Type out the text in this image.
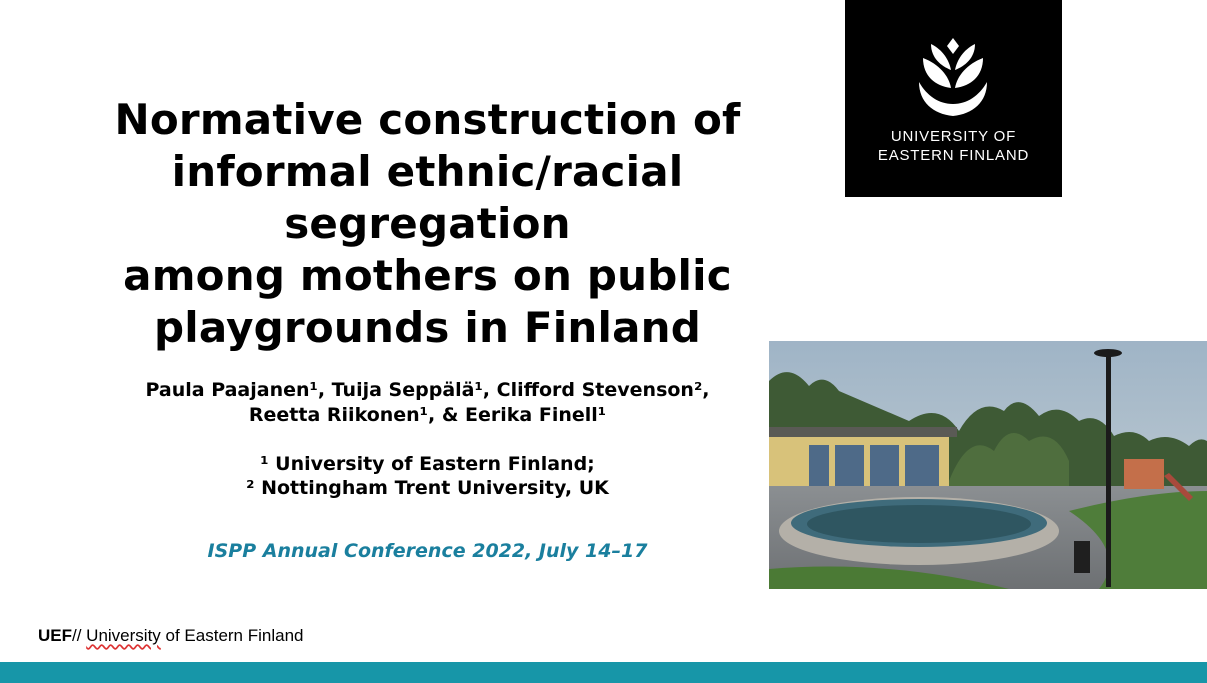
Normative construction of
informal ethnic/racial segregation
among mothers on public
playgrounds in Finland
Paula Paajanen¹, Tuija Seppälä¹, Clifford Stevenson²,
Reetta Riikonen¹, & Eerika Finell¹
¹ University of Eastern Finland;
² Nottingham Trent University, UK
ISPP Annual Conference 2022, July 14–17
UNIVERSITY OF
EASTERN FINLAND
UEF// University of Eastern Finland
